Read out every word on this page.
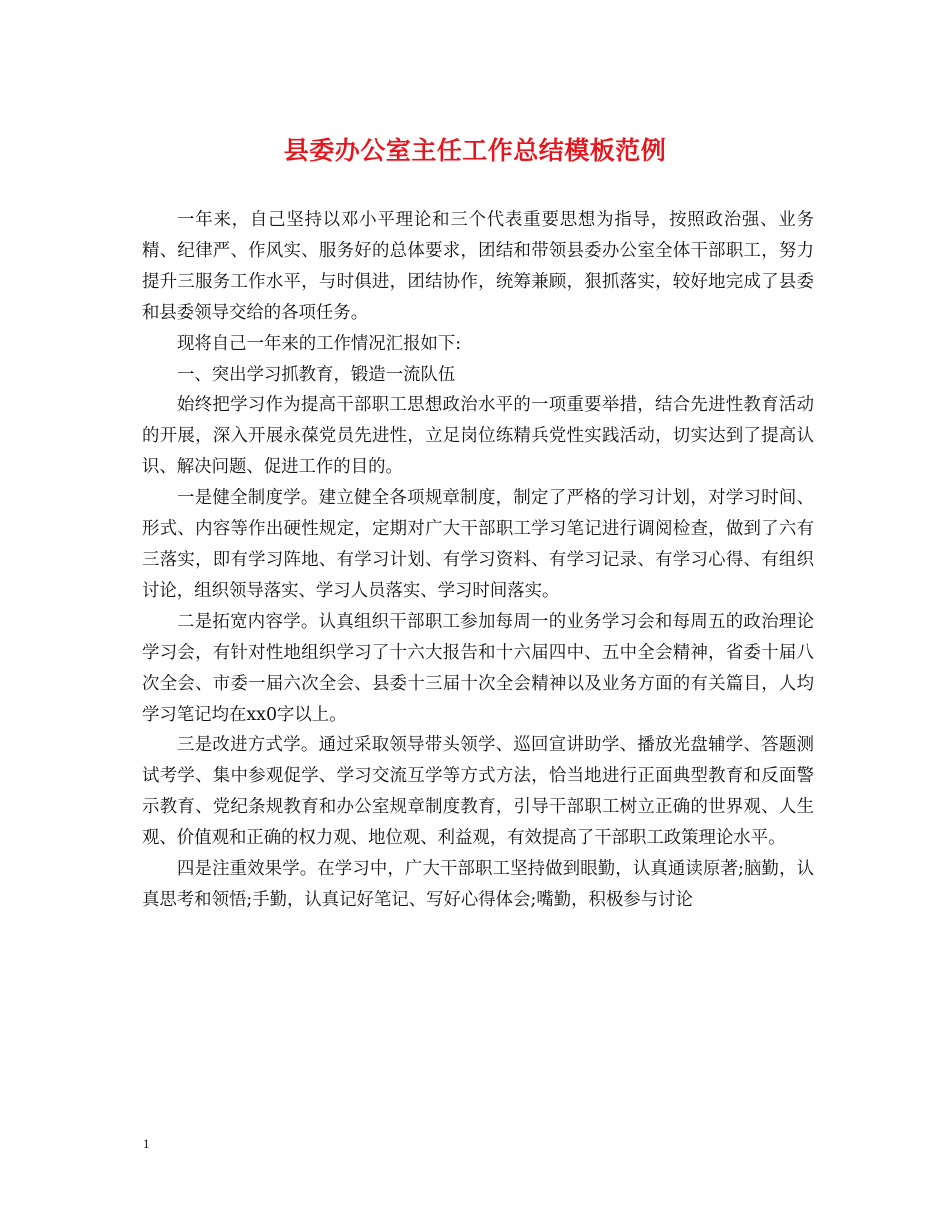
县委办公室主任工作总结模板范例

一年来，自己坚持以邓小平理论和三个代表重要思想为指导，按照政治强、业务精、纪律严、作风实、服务好的总体要求，团结和带领县委办公室全体干部职工，努力提升三服务工作水平，与时俱进，团结协作，统筹兼顾，狠抓落实，较好地完成了县委和县委领导交给的各项任务。

现将自己一年来的工作情况汇报如下:

一、突出学习抓教育，锻造一流队伍

始终把学习作为提高干部职工思想政治水平的一项重要举措，结合先进性教育活动的开展，深入开展永葆党员先进性，立足岗位练精兵党性实践活动，切实达到了提高认识、解决问题、促进工作的目的。

一是健全制度学。建立健全各项规章制度，制定了严格的学习计划，对学习时间、形式、内容等作出硬性规定，定期对广大干部职工学习笔记进行调阅检查，做到了六有三落实，即有学习阵地、有学习计划、有学习资料、有学习记录、有学习心得、有组织讨论，组织领导落实、学习人员落实、学习时间落实。

二是拓宽内容学。认真组织干部职工参加每周一的业务学习会和每周五的政治理论学习会，有针对性地组织学习了十六大报告和十六届四中、五中全会精神，省委十届八次全会、市委一届六次全会、县委十三届十次全会精神以及业务方面的有关篇目，人均学习笔记均在xx0字以上。

三是改进方式学。通过采取领导带头领学、巡回宣讲助学、播放光盘辅学、答题测试考学、集中参观促学、学习交流互学等方式方法，恰当地进行正面典型教育和反面警示教育、党纪条规教育和办公室规章制度教育，引导干部职工树立正确的世界观、人生观、价值观和正确的权力观、地位观、利益观，有效提高了干部职工政策理论水平。

四是注重效果学。在学习中，广大干部职工坚持做到眼勤，认真通读原著;脑勤，认真思考和领悟;手勤，认真记好笔记、写好心得体会;嘴勤，积极参与讨论

1
